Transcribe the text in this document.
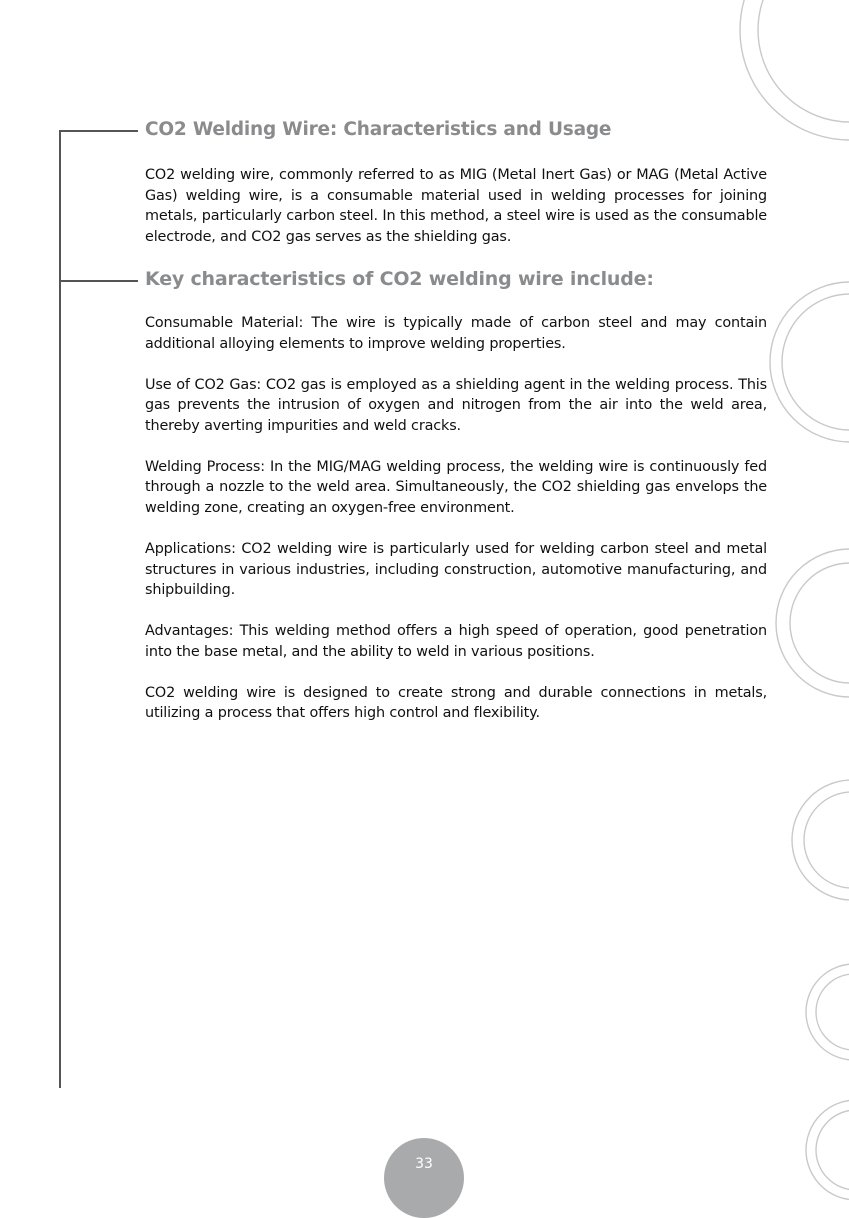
CO2 Welding Wire: Characteristics and Usage

CO2 welding wire, commonly referred to as MIG (Metal Inert Gas) or MAG (Metal Active Gas) welding wire, is a consumable material used in welding processes for joining metals, particularly carbon steel. In this method, a steel wire is used as the consumable electrode, and CO2 gas serves as the shielding gas.

Key characteristics of CO2 welding wire include:

Consumable Material: The wire is typically made of carbon steel and may contain additional alloying elements to improve welding properties.

Use of CO2 Gas: CO2 gas is employed as a shielding agent in the welding process. This gas prevents the intrusion of oxygen and nitrogen from the air into the weld area, thereby averting impurities and weld cracks.

Welding Process: In the MIG/MAG welding process, the welding wire is continuously fed through a nozzle to the weld area. Simultaneously, the CO2 shielding gas envelops the welding zone, creating an oxygen-free environment.

Applications: CO2 welding wire is particularly used for welding carbon steel and metal structures in various industries, including construction, automotive manufacturing, and shipbuilding.

Advantages: This welding method offers a high speed of operation, good penetration into the base metal, and the ability to weld in various positions.

CO2 welding wire is designed to create strong and durable connections in metals, utilizing a process that offers high control and flexibility.

33
